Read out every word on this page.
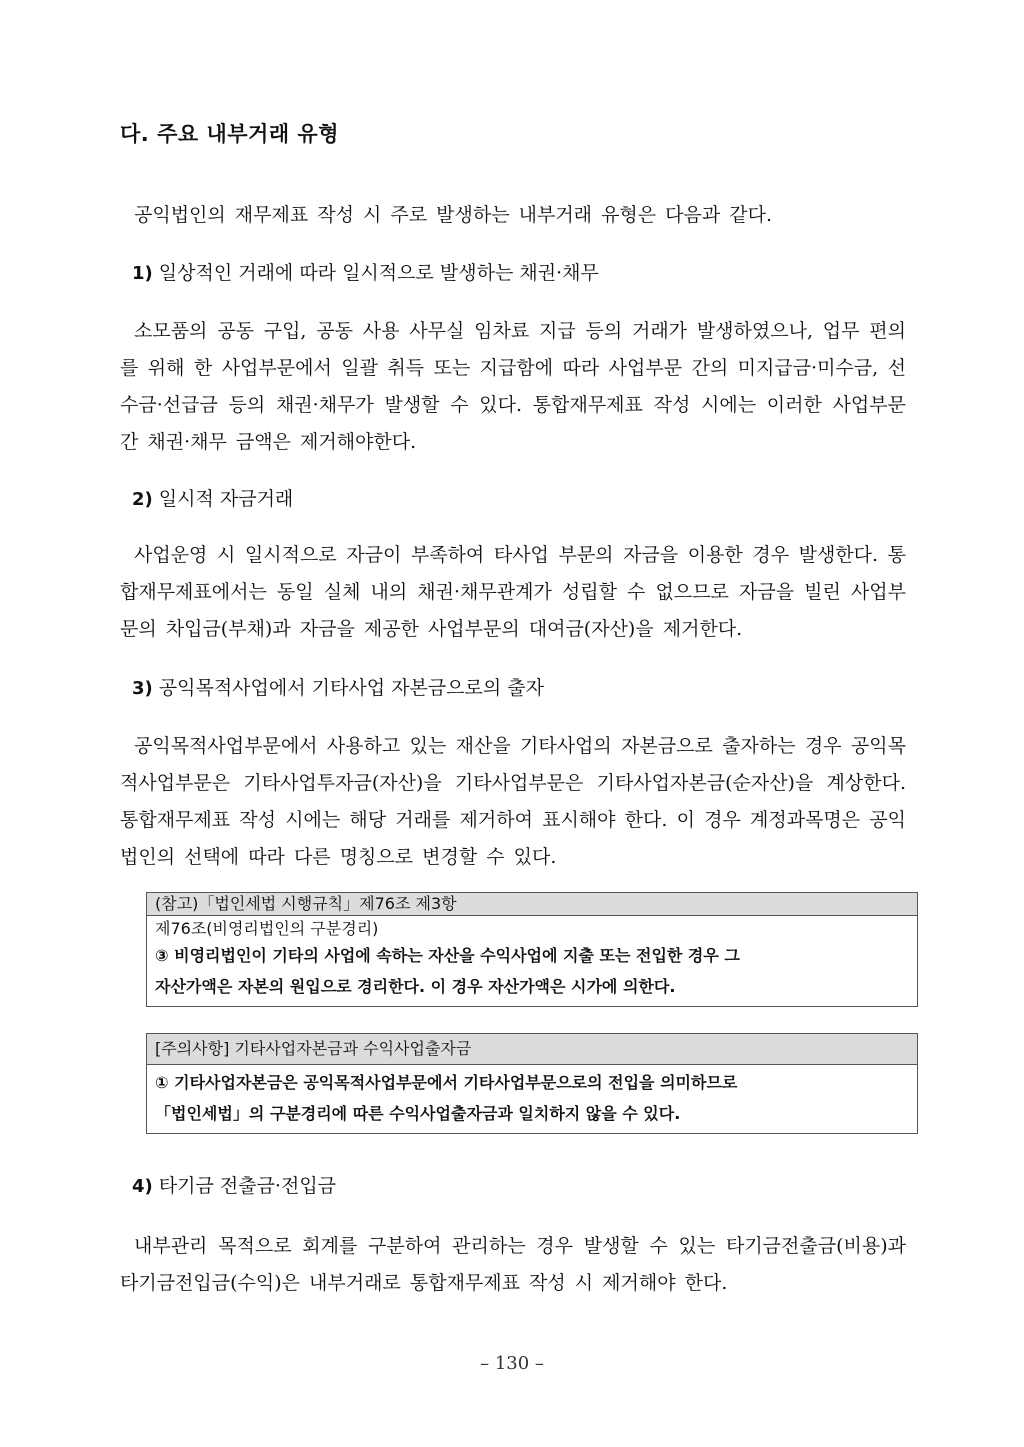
다. 주요 내부거래 유형
공익법인의 재무제표 작성 시 주로 발생하는 내부거래 유형은 다음과 같다.
1) 일상적인 거래에 따라 일시적으로 발생하는 채권·채무
소모품의 공동 구입, 공동 사용 사무실 임차료 지급 등의 거래가 발생하였으나, 업무 편의를 위해 한 사업부문에서 일괄 취득 또는 지급함에 따라 사업부문 간의 미지급금·미수금, 선수금·선급금 등의 채권·채무가 발생할 수 있다. 통합재무제표 작성 시에는 이러한 사업부문 간 채권·채무 금액은 제거해야한다.
2) 일시적 자금거래
사업운영 시 일시적으로 자금이 부족하여 타사업 부문의 자금을 이용한 경우 발생한다. 통합재무제표에서는 동일 실체 내의 채권·채무관계가 성립할 수 없으므로 자금을 빌린 사업부문의 차입금(부채)과 자금을 제공한 사업부문의 대여금(자산)을 제거한다.
3) 공익목적사업에서 기타사업 자본금으로의 출자
공익목적사업부문에서 사용하고 있는 재산을 기타사업의 자본금으로 출자하는 경우 공익목적사업부문은 기타사업투자금(자산)을 기타사업부문은 기타사업자본금(순자산)을 계상한다. 통합재무제표 작성 시에는 해당 거래를 제거하여 표시해야 한다. 이 경우 계정과목명은 공익법인의 선택에 따라 다른 명칭으로 변경할 수 있다.
(참고)「법인세법 시행규칙」제76조 제3항
제76조(비영리법인의 구분경리)
③ 비영리법인이 기타의 사업에 속하는 자산을 수익사업에 지출 또는 전입한 경우 그
자산가액은 자본의 원입으로 경리한다. 이 경우 자산가액은 시가에 의한다.
[주의사항] 기타사업자본금과 수익사업출자금
① 기타사업자본금은 공익목적사업부문에서 기타사업부문으로의 전입을 의미하므로
「법인세법」의 구분경리에 따른 수익사업출자금과 일치하지 않을 수 있다.
4) 타기금 전출금·전입금
내부관리 목적으로 회계를 구분하여 관리하는 경우 발생할 수 있는 타기금전출금(비용)과 타기금전입금(수익)은 내부거래로 통합재무제표 작성 시 제거해야 한다.
– 130 –
